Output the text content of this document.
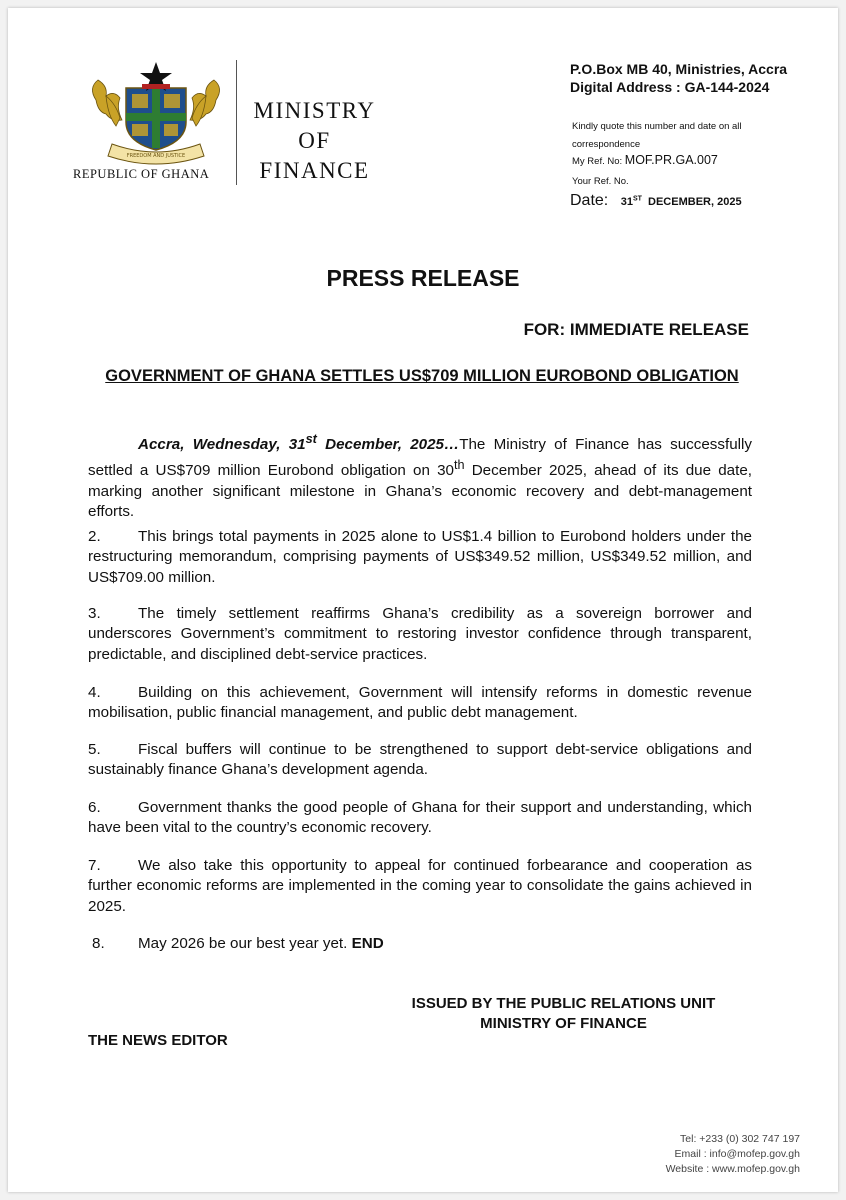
FREEDOM AND JUSTICE
REPUBLIC OF GHANA
MINISTRY
OF
FINANCE
P.O.Box MB 40, Ministries, Accra
Digital Address : GA-144-2024
Kindly quote this number and date on all correspondence
My Ref. No: MOF.PR.GA.007
Your Ref. No.
Date: 31ST DECEMBER, 2025
PRESS RELEASE
FOR: IMMEDIATE RELEASE
GOVERNMENT OF GHANA SETTLES US$709 MILLION EUROBOND OBLIGATION
Accra, Wednesday, 31st December, 2025…The Ministry of Finance has successfully settled a US$709 million Eurobond obligation on 30th December 2025, ahead of its due date, marking another significant milestone in Ghana’s economic recovery and debt-management efforts.
2. This brings total payments in 2025 alone to US$1.4 billion to Eurobond holders under the restructuring memorandum, comprising payments of US$349.52 million, US$349.52 million, and US$709.00 million.
3. The timely settlement reaffirms Ghana’s credibility as a sovereign borrower and underscores Government’s commitment to restoring investor confidence through transparent, predictable, and disciplined debt-service practices.
4. Building on this achievement, Government will intensify reforms in domestic revenue mobilisation, public financial management, and public debt management.
5. Fiscal buffers will continue to be strengthened to support debt-service obligations and sustainably finance Ghana’s development agenda.
6. Government thanks the good people of Ghana for their support and understanding, which have been vital to the country’s economic recovery.
7. We also take this opportunity to appeal for continued forbearance and cooperation as further economic reforms are implemented in the coming year to consolidate the gains achieved in 2025.
8. May 2026 be our best year yet. END
ISSUED BY THE PUBLIC RELATIONS UNIT
MINISTRY OF FINANCE
THE NEWS EDITOR
Tel: +233 (0) 302 747 197
Email : info@mofep.gov.gh
Website : www.mofep.gov.gh
